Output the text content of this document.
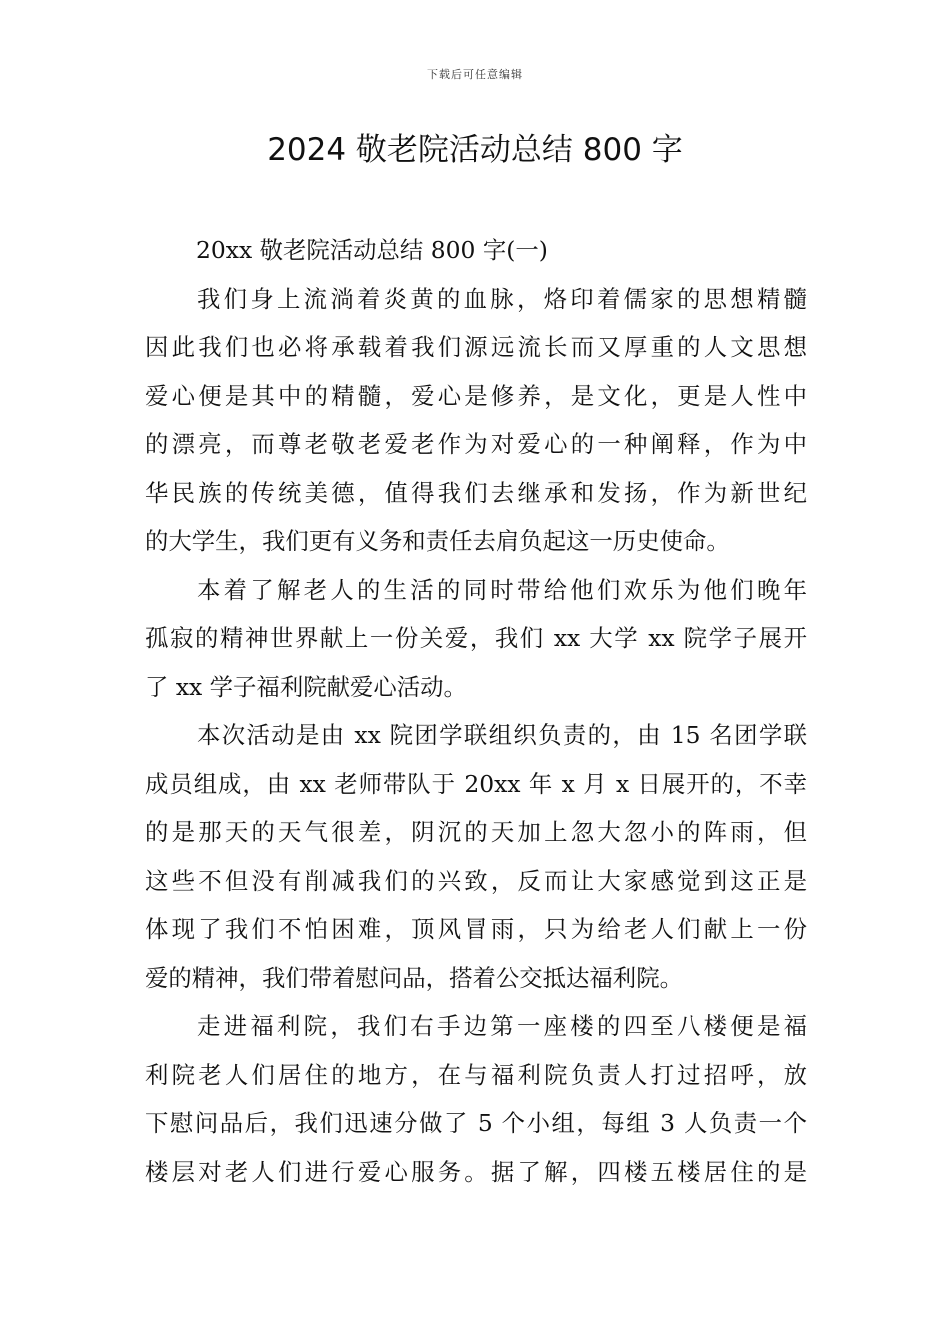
下载后可任意编辑
2024 敬老院活动总结 800 字

20xx 敬老院活动总结 800 字(一)

我们身上流淌着炎黄的血脉，烙印着儒家的思想精髓
因此我们也必将承载着我们源远流长而又厚重的人文思想
爱心便是其中的精髓，爱心是修养，是文化，更是人性中
的漂亮，而尊老敬老爱老作为对爱心的一种阐释，作为中
华民族的传统美德，值得我们去继承和发扬，作为新世纪
的大学生，我们更有义务和责任去肩负起这一历史使命。
本着了解老人的生活的同时带给他们欢乐为他们晚年
孤寂的精神世界献上一份关爱，我们 xx 大学 xx 院学子展开
了 xx 学子福利院献爱心活动。
本次活动是由 xx 院团学联组织负责的，由 15 名团学联
成员组成，由 xx 老师带队于 20xx 年 x 月 x 日展开的，不幸
的是那天的天气很差，阴沉的天加上忽大忽小的阵雨，但
这些不但没有削减我们的兴致，反而让大家感觉到这正是
体现了我们不怕困难，顶风冒雨，只为给老人们献上一份
爱的精神，我们带着慰问品，搭着公交抵达福利院。
走进福利院，我们右手边第一座楼的四至八楼便是福
利院老人们居住的地方，在与福利院负责人打过招呼，放
下慰问品后，我们迅速分做了 5 个小组，每组 3 人负责一个
楼层对老人们进行爱心服务。据了解，四楼五楼居住的是
